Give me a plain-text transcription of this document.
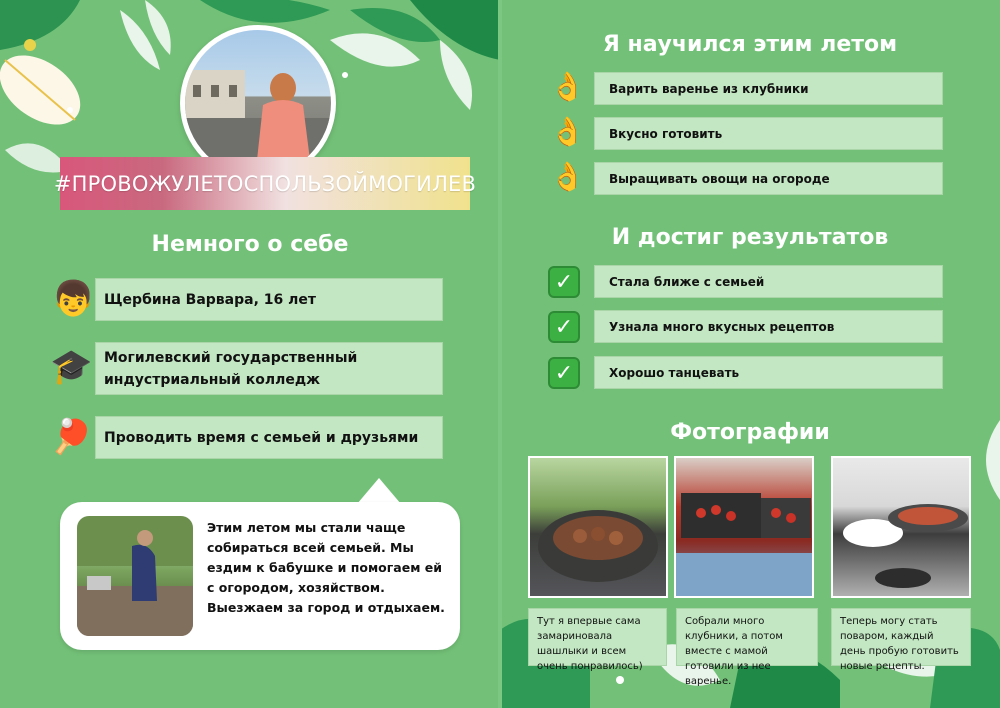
#ПРОВОЖУЛЕТОСПОЛЬЗОЙМОГИЛЕВ
Немного о себе
👦 Щербина Варвара, 16 лет
🎓 Могилевский государственный индустриальный колледж
🏓 Проводить время с семьей и друзьями
Этим летом мы стали чаще собираться всей семьей. Мы ездим к бабушке и помогаем ей с огородом, хозяйством. Выезжаем за город и отдыхаем.
Я научился этим летом
👌 Варить варенье из клубники
👌 Вкусно готовить
👌 Выращивать овощи на огороде
И достиг результатов
✓	Стала ближе с семьей
✓	Узнала много вкусных рецептов
✓	Хорошо танцевать
Фотографии
Тут я впервые сама замариновала шашлыки и всем очень понравилось)
Собрали много клубники, а потом вместе с мамой готовили из нее варенье.
Теперь могу стать поваром, каждый день пробую готовить новые рецепты.
